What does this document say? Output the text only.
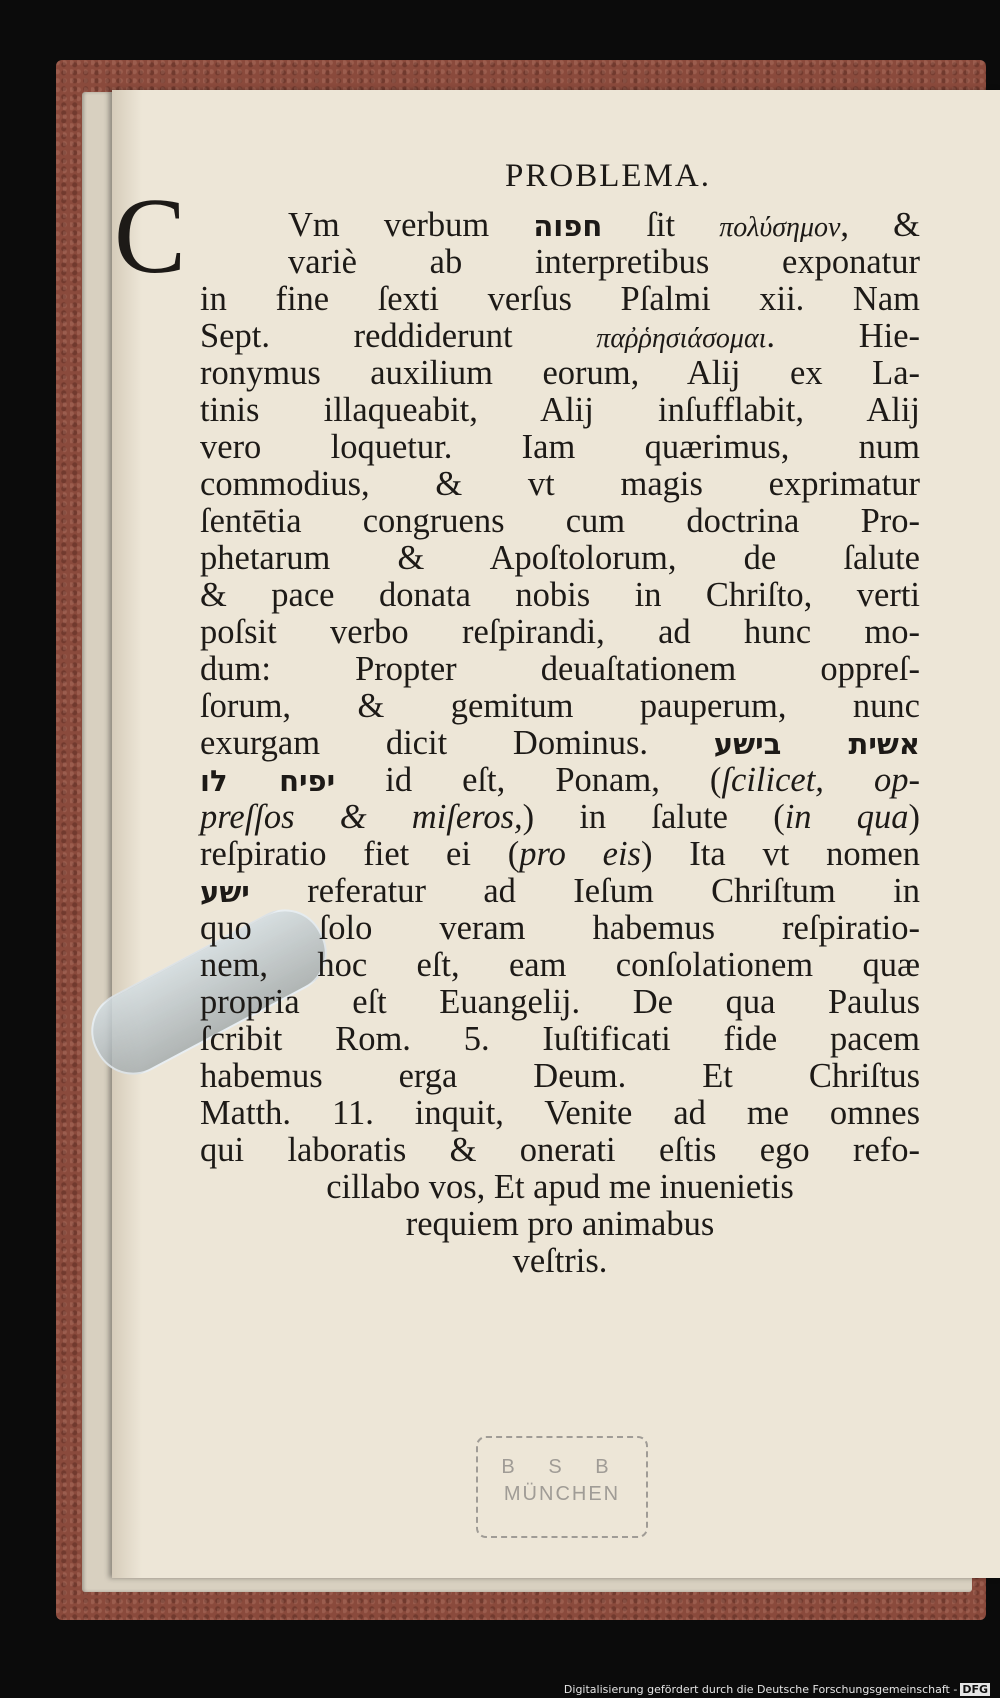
C
PROBLEMA.
Vm verbum חפוה ſit πολύσημον, &
variè ab interpretibus exponatur
in fine ſexti verſus Pſalmi xii. Nam
Sept. reddiderunt παῤῥησιάσομαι. Hie-
ronymus auxilium eorum, Alij ex La-
tinis illaqueabit, Alij inſufflabit, Alij
vero loquetur. Iam quærimus, num
commodius, & vt magis exprimatur
ſentētia congruens cum doctrina Pro-
phetarum & Apoſtolorum, de ſalute
& pace donata nobis in Chriſto, verti
poſsit verbo reſpirandi, ad hunc mo-
dum: Propter deuaſtationem oppreſ-
ſorum, & gemitum pauperum, nunc
exurgam dicit Dominus. אשית בישע
יפיח לו id eſt, Ponam, (ſcilicet, op-
preſſos & miſeros,) in ſalute (in qua)
reſpiratio fiet ei (pro eis) Ita vt nomen
ישע referatur ad Ieſum Chriſtum in
quo ſolo veram habemus reſpiratio-
nem, hoc eſt, eam conſolationem quæ
propria eſt Euangelij. De qua Paulus
ſcribit Rom. 5. Iuſtificati fide pacem
habemus erga Deum. Et Chriſtus
Matth. 11. inquit, Venite ad me omnes
qui laboratis & onerati eſtis ego refo-
cillabo vos, Et apud me inuenietis
requiem pro animabus
veſtris.
B S B
MÜNCHEN
Digitalisierung gefördert durch die Deutsche Forschungsgemeinschaft - DFG
